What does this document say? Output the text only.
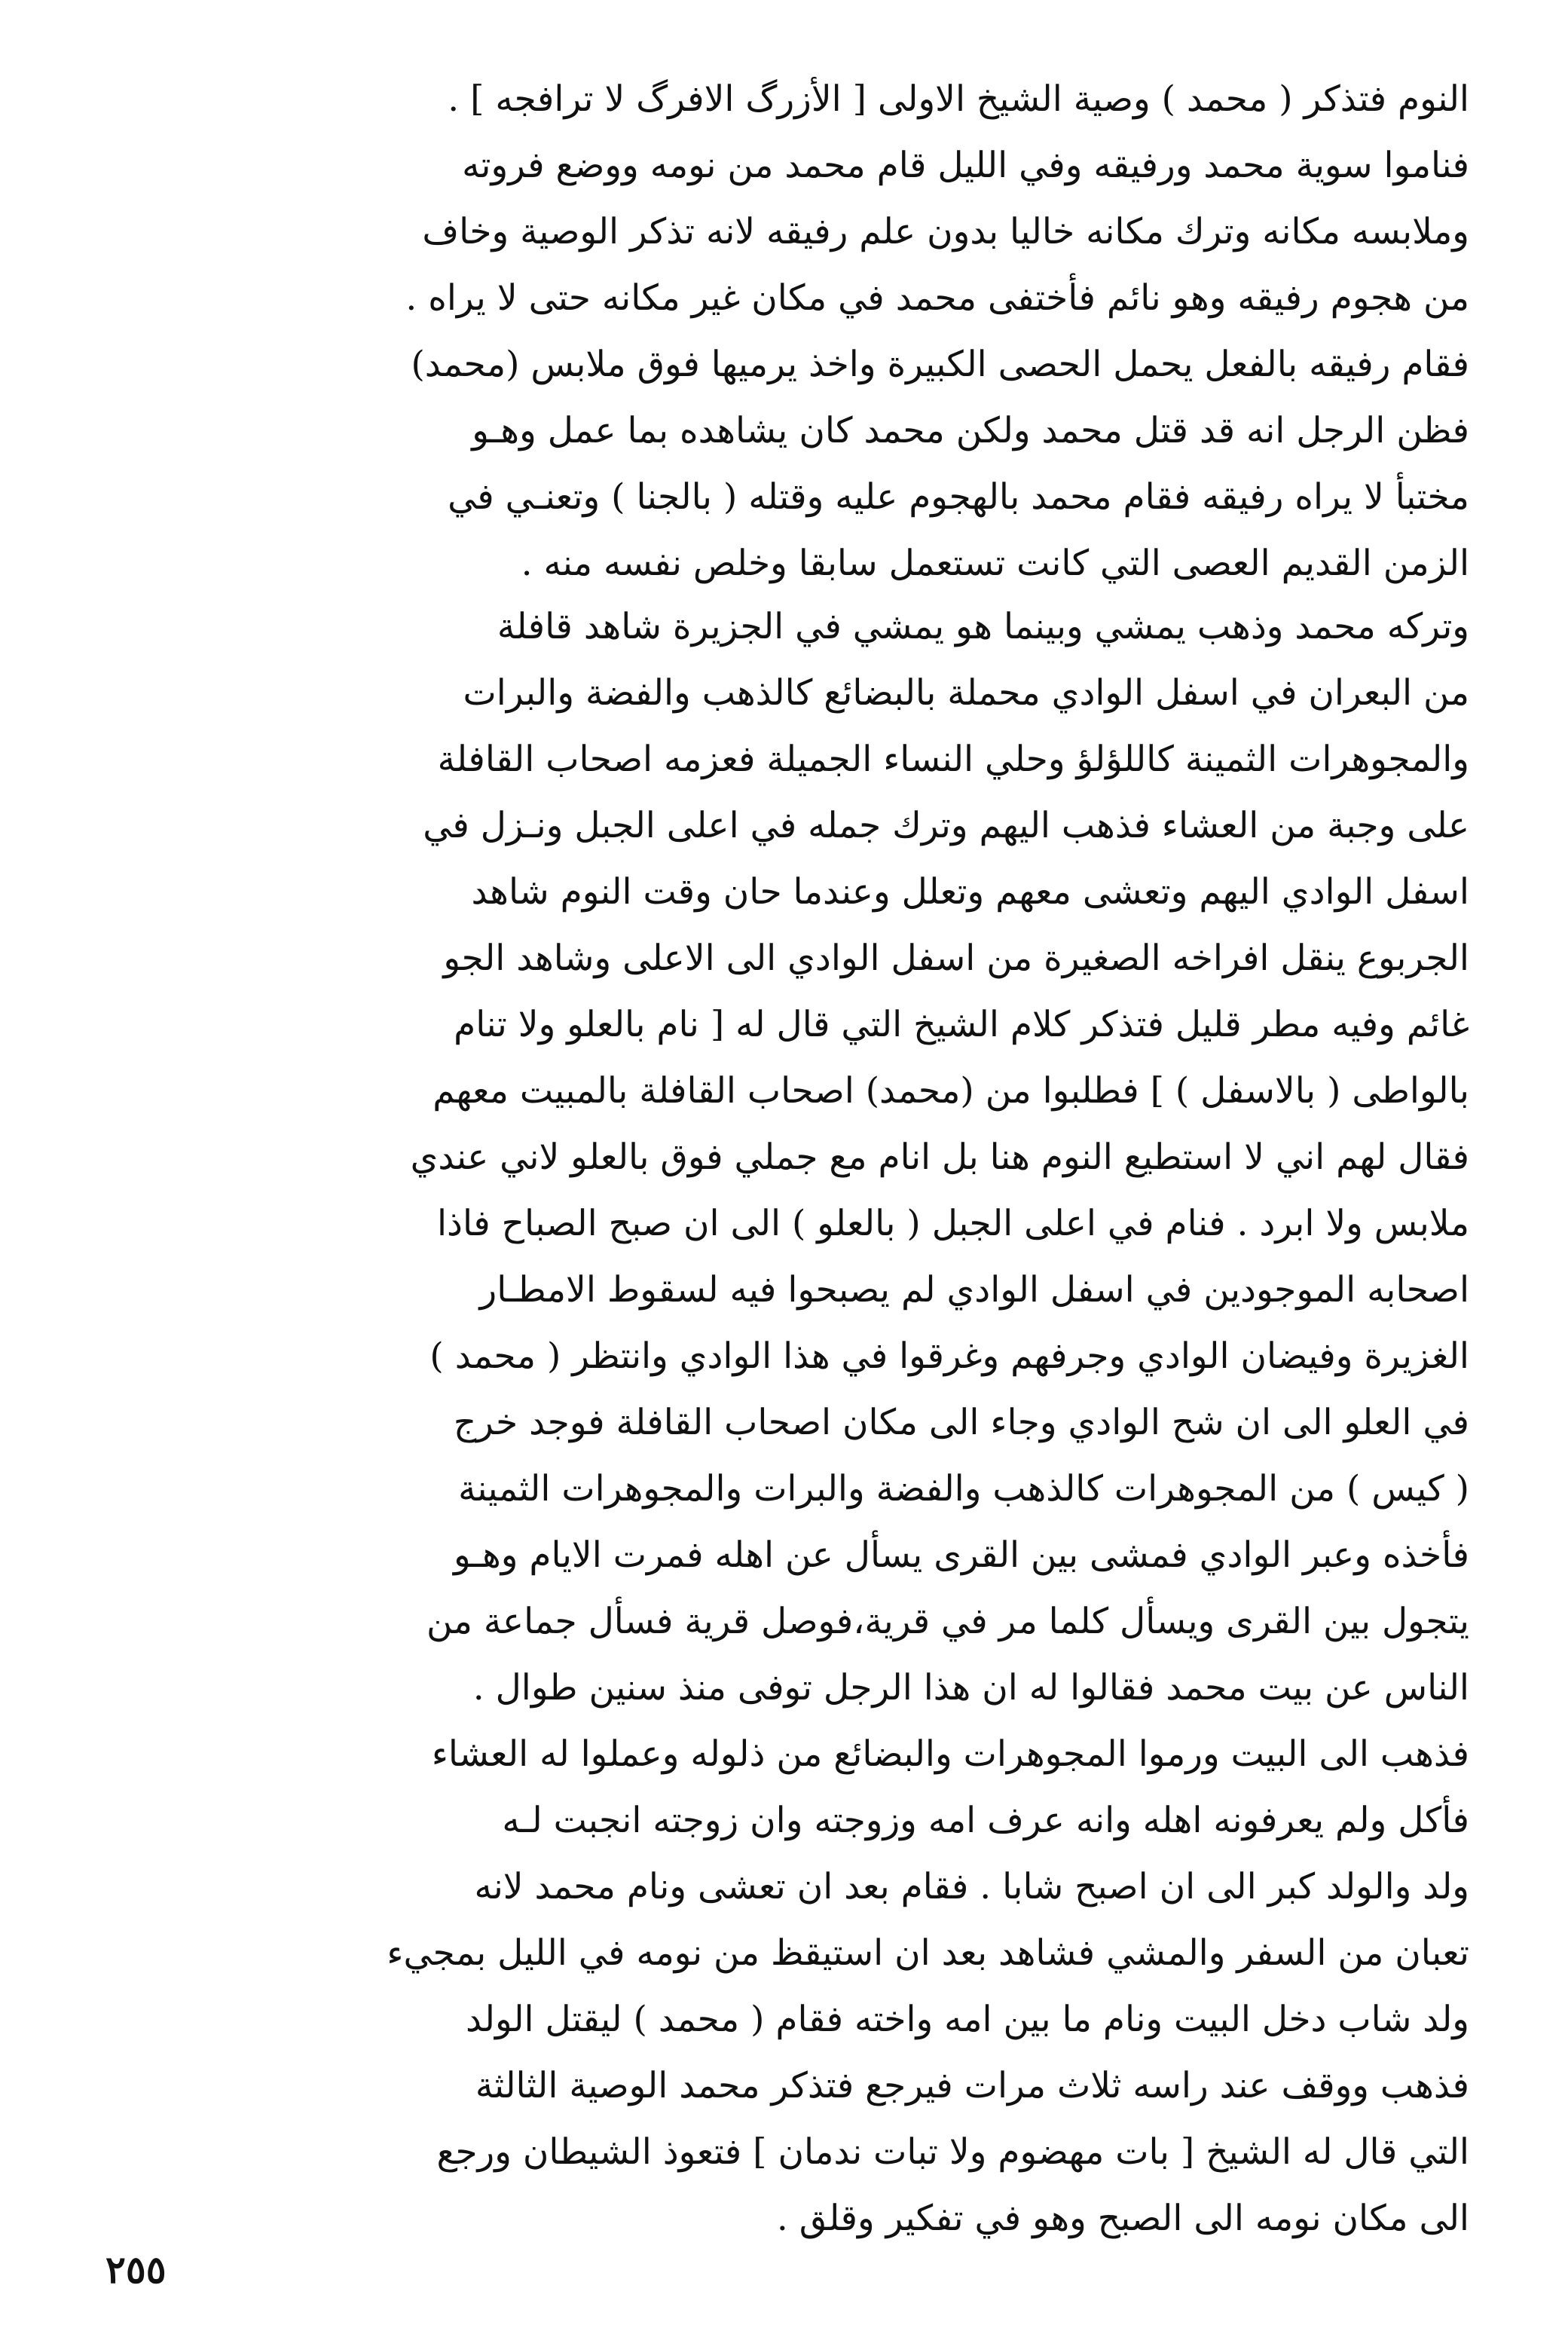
النوم فتذكر ( محمد ) وصية الشيخ الاولى [ الأزرگ الافرگ لا ترافجه ] .
فناموا سوية محمد ورفيقه وفي الليل قام محمد من نومه ووضع فروته
وملابسه مكانه وترك مكانه خاليا بدون علم رفيقه لانه تذكر الوصية وخاف
من هجوم رفيقه وهو نائم فأختفى محمد في مكان غير مكانه حتى لا يراه .
فقام رفيقه بالفعل يحمل الحصى الكبيرة واخذ يرميها فوق ملابس (محمد)
فظن الرجل انه قد قتل محمد ولكن محمد كان يشاهده بما عمل وهـو
مختبأ لا يراه رفيقه فقام محمد بالهجوم عليه وقتله ( بالجنا ) وتعنـي في
الزمن القديم العصى التي كانت تستعمل سابقا وخلص نفسه منه .
وتركه محمد وذهب يمشي وبينما هو يمشي في الجزيرة شاهد قافلة
من البعران في اسفل الوادي محملة بالبضائع كالذهب والفضة والبرات
والمجوهرات الثمينة كاللؤلؤ وحلي النساء الجميلة فعزمه اصحاب القافلة
على وجبة من العشاء فذهب اليهم وترك جمله في اعلى الجبل ونـزل في
اسفل الوادي اليهم وتعشى معهم وتعلل وعندما حان وقت النوم شاهد
الجربوع ينقل افراخه الصغيرة من اسفل الوادي الى الاعلى وشاهد الجو
غائم وفيه مطر قليل فتذكر كلام الشيخ التي قال له [ نام بالعلو ولا تنام
بالواطى ( بالاسفل ) ] فطلبوا من (محمد) اصحاب القافلة بالمبيت معهم
فقال لهم اني لا استطيع النوم هنا بل انام مع جملي فوق بالعلو لاني عندي
ملابس ولا ابرد . فنام في اعلى الجبل ( بالعلو ) الى ان صبح الصباح فاذا
اصحابه الموجودين في اسفل الوادي لم يصبحوا فيه لسقوط الامطـار
الغزيرة وفيضان الوادي وجرفهم وغرقوا في هذا الوادي وانتظر ( محمد )
في العلو الى ان شح الوادي وجاء الى مكان اصحاب القافلة فوجد خرج
( كيس ) من المجوهرات كالذهب والفضة والبرات والمجوهرات الثمينة
فأخذه وعبر الوادي فمشى بين القرى يسأل عن اهله فمرت الايام وهـو
يتجول بين القرى ويسأل كلما مر في قرية،فوصل قرية فسأل جماعة من
الناس عن بيت محمد فقالوا له ان هذا الرجل توفى منذ سنين طوال .
فذهب الى البيت ورموا المجوهرات والبضائع من ذلوله وعملوا له العشاء
فأكل ولم يعرفونه اهله وانه عرف امه وزوجته وان زوجته انجبت لـه
ولد والولد كبر الى ان اصبح شابا . فقام بعد ان تعشى ونام محمد لانه
تعبان من السفر والمشي فشاهد بعد ان استيقظ من نومه في الليل بمجيء
ولد شاب دخل البيت ونام ما بين امه واخته فقام ( محمد ) ليقتل الولد
فذهب ووقف عند راسه ثلاث مرات فيرجع فتذكر محمد الوصية الثالثة
التي قال له الشيخ [ بات مهضوم ولا تبات ندمان ] فتعوذ الشيطان ورجع
الى مكان نومه الى الصبح وهو في تفكير وقلق .
٢٥٥
